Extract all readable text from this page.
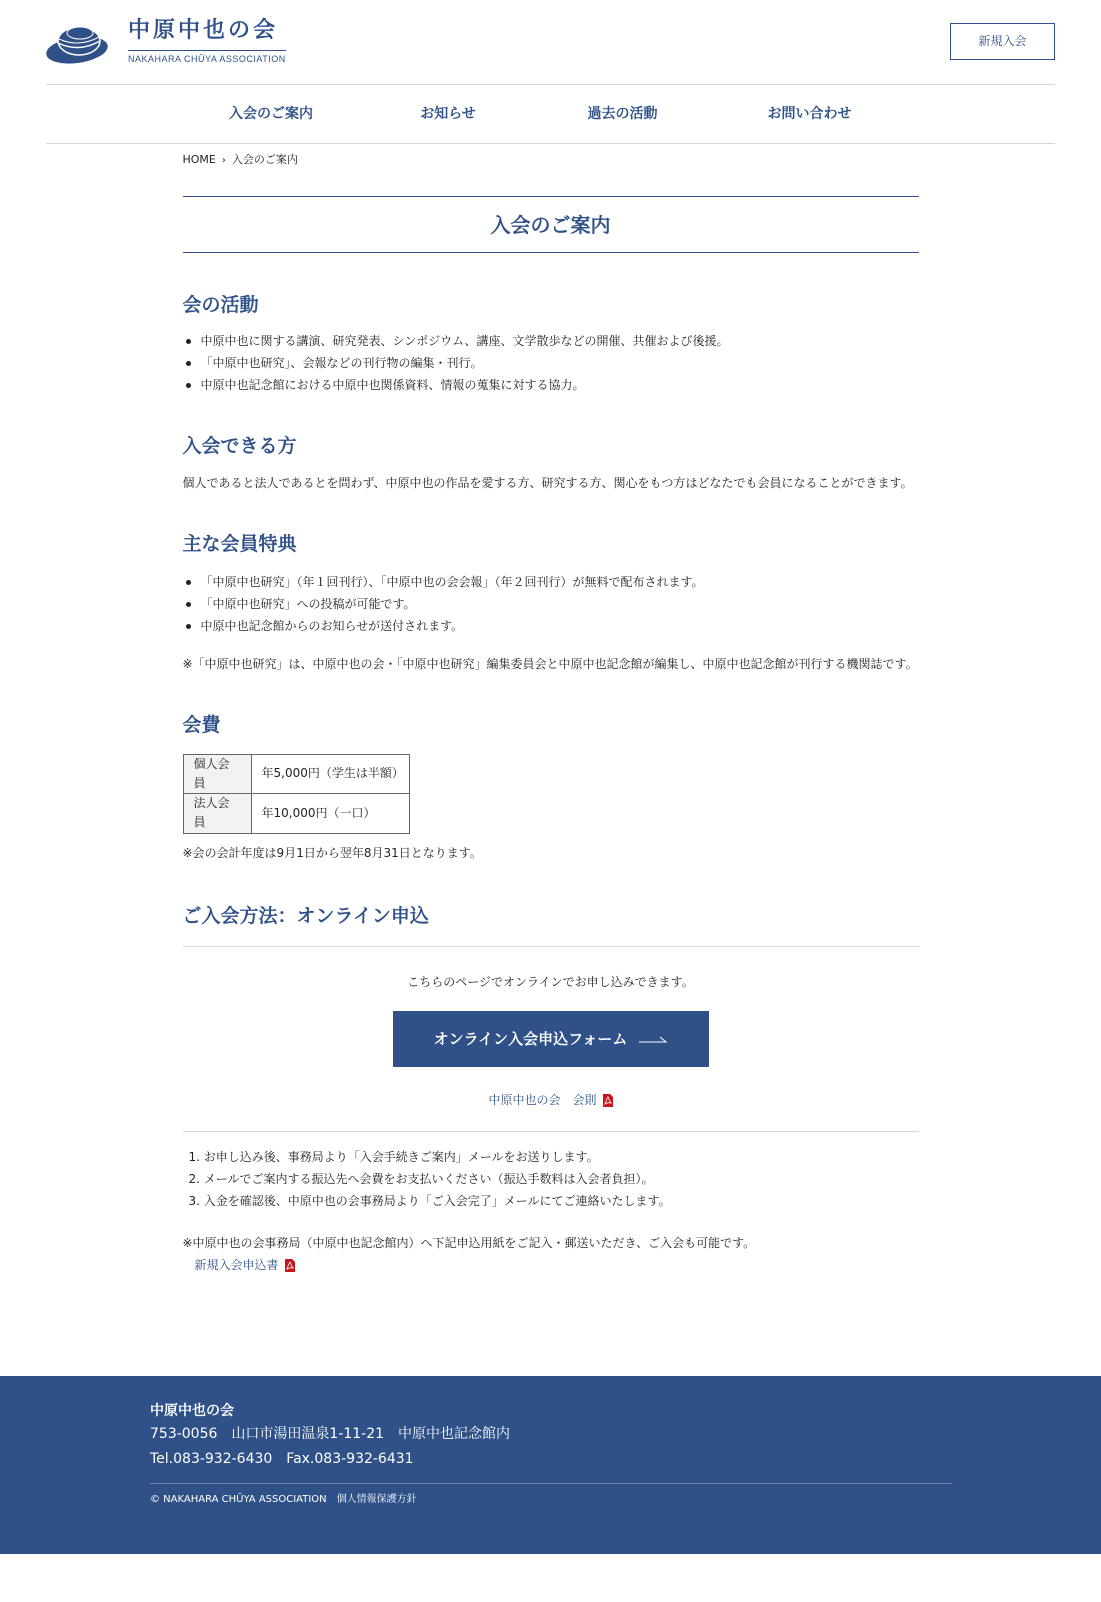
中原中也の会
NAKAHARA CHŪYA ASSOCIATION
新規入会
入会のご案内	お知らせ	過去の活動	お問い合わせ
HOME › 入会のご案内
入会のご案内
会の活動
中原中也に関する講演、研究発表、シンポジウム、講座、文学散歩などの開催、共催および後援。
「中原中也研究」、会報などの刊行物の編集・刊行。
中原中也記念館における中原中也関係資料、情報の蒐集に対する協力。
入会できる方

個人であると法人であるとを問わず、中原中也の作品を愛する方、研究する方、関心をもつ方はどなたでも会員になることができます。

主な会員特典
「中原中也研究」（年１回刊行）、「中原中也の会会報」（年２回刊行）が無料で配布されます。
「中原中也研究」への投稿が可能です。
中原中也記念館からのお知らせが送付されます。

※「中原中也研究」は、中原中也の会・「中原中也研究」編集委員会と中原中也記念館が編集し、中原中也記念館が刊行する機関誌です。

会費
個人会員	年5,000円（学生は半額）
法人会員	年10,000円（一口）

※会の会計年度は9月1日から翌年8月31日となります。

ご入会方法：オンライン申込

こちらのページでオンラインでお申し込みできます。

オンライン入会申込フォーム

中原中也の会　会則

1. お申し込み後、事務局より「入会手続きご案内」メールをお送りします。
2. メールでご案内する振込先へ会費をお支払いください（振込手数料は入会者負担）。
3. 入金を確認後、中原中也の会事務局より「ご入会完了」メールにてご連絡いたします。

※中原中也の会事務局（中原中也記念館内）へ下記申込用紙をご記入・郵送いただき、ご入会も可能です。

新規入会申込書

中原中也の会
753-0056　山口市湯田温泉1-11-21　中原中也記念館内
Tel.083-932-6430　Fax.083-932-6431
© NAKAHARA CHŪYA ASSOCIATION 個人情報保護方針
